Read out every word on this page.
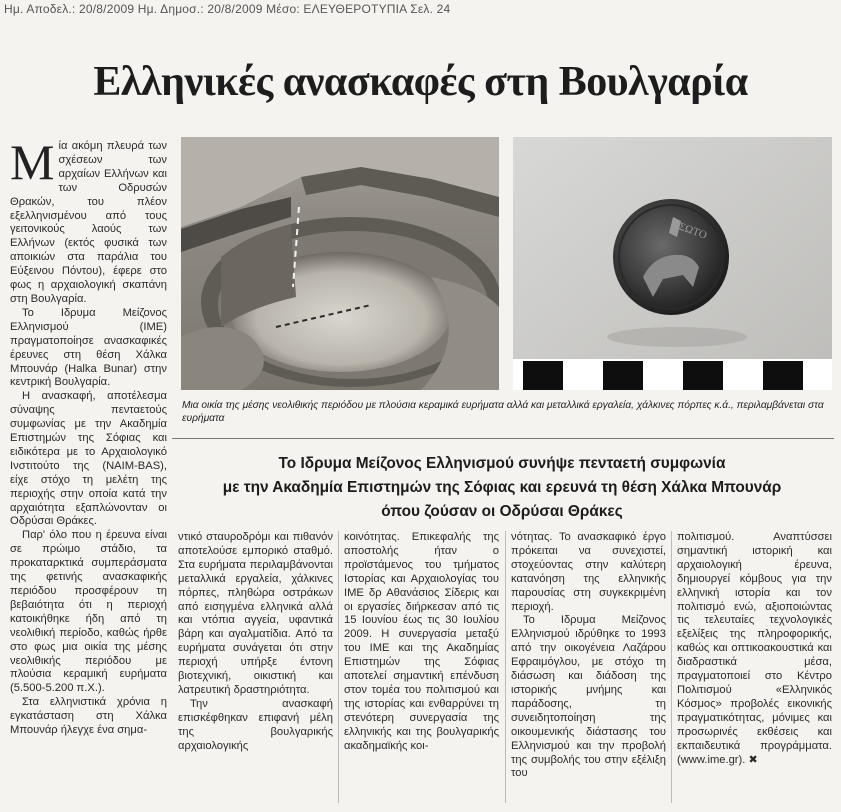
Ημ. Αποδελ.: 20/8/2009 Ημ. Δημοσ.: 20/8/2009 Μέσο: ΕΛΕΥΘΕΡΟΤΥΠΙΑ Σελ. 24
Ελληνικές ανασκαφές στη Βουλγαρία

Μία ακόμη πλευρά των σχέσεων των αρχαίων Ελλήνων και των Οδρυσών Θρακών, του πλέον εξελληνισμένου από τους γειτονικούς λαούς των Ελλήνων (εκτός φυσικά των αποικιών στα παράλια του Εύξεινου Πόντου), έφερε στο φως η αρχαιολογική σκαπάνη στη Βουλγαρία.

Το Ιδρυμα Μείζονος Ελληνισμού (ΙΜΕ) πραγματοποίησε ανασκαφικές έρευνες στη θέση Χάλκα Μπουνάρ (Halka Bunar) στην κεντρική Βουλγαρία.

Η ανασκαφή, αποτέλεσμα σύναψης πενταετούς συμφωνίας με την Ακαδημία Επιστημών της Σόφιας και ειδικότερα με το Αρχαιολογικό Ινστιτούτο της (NAIM-BAS), είχε στόχο τη μελέτη της περιοχής στην οποία κατά την αρχαιότητα εξαπλώνονταν οι Οδρύσαι Θράκες.

Παρ' όλο που η έρευνα είναι σε πρώιμο στάδιο, τα προκαταρκτικά συμπεράσματα της φετινής ανασκαφικής περιόδου προσφέρουν τη βεβαιότητα ότι η περιοχή κατοικήθηκε ήδη από τη νεολιθική περίοδο, καθώς ήρθε στο φως μια οικία της μέσης νεολιθικής περιόδου με πλούσια κεραμική ευρήματα (5.500-5.200 π.Χ.).

Στα ελληνιστικά χρόνια η εγκατάσταση στη Χάλκα Μπουνάρ ήλεγχε ένα σημα-

ΣΩΤΟ
Μια οικία της μέσης νεολιθικής περιόδου με πλούσια κεραμικά ευρήματα αλλά και μεταλλικά εργαλεία, χάλκινες πόρπες κ.ά., περιλαμβάνεται στα ευρήματα
Το Ιδρυμα Μείζονος Ελληνισμού συνήψε πενταετή συμφωνία
με την Ακαδημία Επιστημών της Σόφιας και ερευνά τη θέση Χάλκα Μπουνάρ
όπου ζούσαν οι Οδρύσαι Θράκες

ντικό σταυροδρόμι και πιθανόν αποτελούσε εμπορικό σταθμό. Στα ευρήματα περιλαμβάνονται μεταλλικά εργαλεία, χάλκινες πόρπες, πληθώρα οστράκων από εισηγμένα ελληνικά αλλά και ντόπια αγγεία, υφαντικά βάρη και αγαλματίδια. Από τα ευρήματα συνάγεται ότι στην περιοχή υπήρξε έντονη βιοτεχνική, οικιστική και λατρευτική δραστηριότητα.

Την ανασκαφή επισκέφθηκαν επιφανή μέλη της βουλγαρικής αρχαιολογικής

κοινότητας. Επικεφαλής της αποστολής ήταν ο προϊστάμενος του τμήματος Ιστορίας και Αρχαιολογίας του ΙΜΕ δρ Αθανάσιος Σίδερις και οι εργασίες διήρκεσαν από τις 15 Ιουνίου έως τις 30 Ιουλίου 2009. Η συνεργασία μεταξύ του ΙΜΕ και της Ακαδημίας Επιστημών της Σόφιας αποτελεί σημαντική επένδυση στον τομέα του πολιτισμού και της ιστορίας και ενθαρρύνει τη στενότερη συνεργασία της ελληνικής και της βουλγαρικής ακαδημαϊκής κοι-

νότητας. Το ανασκαφικό έργο πρόκειται να συνεχιστεί, στοχεύοντας στην καλύτερη κατανόηση της ελληνικής παρουσίας στη συγκεκριμένη περιοχή.

Το Ιδρυμα Μείζονος Ελληνισμού ιδρύθηκε το 1993 από την οικογένεια Λαζάρου Εφραιμόγλου, με στόχο τη διάσωση και διάδοση της ιστορικής μνήμης και παράδοσης, τη συνειδητοποίηση της οικουμενικής διάστασης του Ελληνισμού και την προβολή της συμβολής του στην εξέλιξη του

πολιτισμού. Αναπτύσσει σημαντική ιστορική και αρχαιολογική έρευνα, δημιουργεί κόμβους για την ελληνική ιστορία και τον πολιτισμό ενώ, αξιοποιώντας τις τελευταίες τεχνολογικές εξελίξεις της πληροφορικής, καθώς και οπτικοακουστικά και διαδραστικά μέσα, πραγματοποιεί στο Κέντρο Πολιτισμού «Ελληνικός Κόσμος» προβολές εικονικής πραγματικότητας, μόνιμες και προσωρινές εκθέσεις και εκπαιδευτικά προγράμματα. (www.ime.gr). ✖
